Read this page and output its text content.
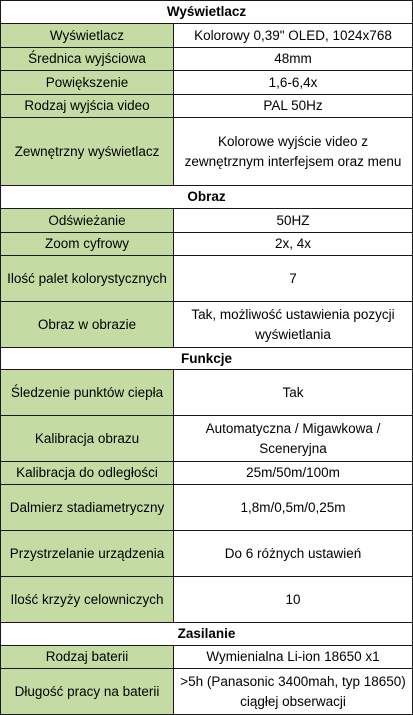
Wyświetlacz	
Wyświetlacz	Kolorowy 0,39" OLED, 1024x768
Średnica wyjściowa	48mm
Powiększenie	1,6-6,4x
Rodzaj wyjścia video	PAL 50Hz
Zewnętrzny wyświetlacz	Kolorowe wyjście video z zewnętrznym interfejsem oraz menu
Obraz	
Odświeżanie	50HZ
Zoom cyfrowy	2x, 4x
Ilość palet kolorystycznych	7
Obraz w obrazie	Tak, możliwość ustawienia pozycji wyświetlania
Funkcje	
Śledzenie punktów ciepła	Tak
Kalibracja obrazu	Automatyczna / Migawkowa / Sceneryjna
Kalibracja do odległości	25m/50m/100m
Dalmierz stadiametryczny	1,8m/0,5m/0,25m
Przystrzelanie urządzenia	Do 6 różnych ustawień
Ilość krzyży celowniczych	10
Zasilanie	
Rodzaj baterii	Wymienialna Li-ion 18650 x1
Długość pracy na baterii	>5h (Panasonic 3400mah, typ 18650) ciągłej obserwacji
